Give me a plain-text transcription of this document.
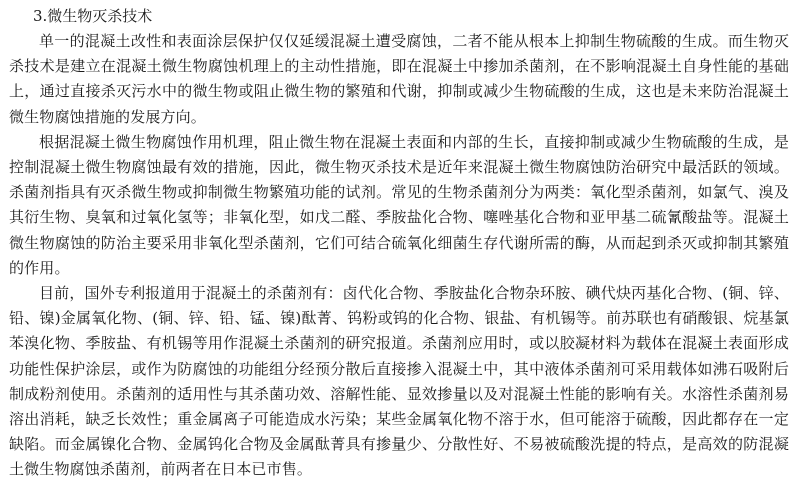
3.微生物灭杀技术

单一的混凝土改性和表面涂层保护仅仅延缓混凝土遭受腐蚀，二者不能从根本上抑制生物硫酸的生成。而生物灭杀技术是建立在混凝土微生物腐蚀机理上的主动性措施，即在混凝土中掺加杀菌剂，在不影响混凝土自身性能的基础上，通过直接杀灭污水中的微生物或阻止微生物的繁殖和代谢，抑制或减少生物硫酸的生成，这也是未来防治混凝土微生物腐蚀措施的发展方向。

根据混凝土微生物腐蚀作用机理，阻止微生物在混凝土表面和内部的生长，直接抑制或减少生物硫酸的生成，是控制混凝土微生物腐蚀最有效的措施，因此，微生物灭杀技术是近年来混凝土微生物腐蚀防治研究中最活跃的领域。杀菌剂指具有灭杀微生物或抑制微生物繁殖功能的试剂。常见的生物杀菌剂分为两类：氧化型杀菌剂，如氯气、溴及其衍生物、臭氧和过氧化氢等；非氧化型，如戊二醛、季胺盐化合物、噻唑基化合物和亚甲基二硫氰酸盐等。混凝土微生物腐蚀的防治主要采用非氧化型杀菌剂，它们可结合硫氧化细菌生存代谢所需的酶，从而起到杀灭或抑制其繁殖的作用。

目前，国外专利报道用于混凝土的杀菌剂有：卤代化合物、季胺盐化合物杂环胺、碘代炔丙基化合物、(铜、锌、铅、镍)金属氧化物、(铜、锌、铅、锰、镍)酞菁、钨粉或钨的化合物、银盐、有机锡等。前苏联也有硝酸银、烷基氯苯溴化物、季胺盐、有机锡等用作混凝土杀菌剂的研究报道。杀菌剂应用时，或以胶凝材料为载体在混凝土表面形成功能性保护涂层，或作为防腐蚀的功能组分经预分散后直接掺入混凝土中，其中液体杀菌剂可采用载体如沸石吸附后制成粉剂使用。杀菌剂的适用性与其杀菌功效、溶解性能、显效掺量以及对混凝土性能的影响有关。水溶性杀菌剂易溶出消耗，缺乏长效性；重金属离子可能造成水污染；某些金属氧化物不溶于水，但可能溶于硫酸，因此都存在一定缺陷。而金属镍化合物、金属钨化合物及金属酞菁具有掺量少、分散性好、不易被硫酸洗提的特点，是高效的防混凝土微生物腐蚀杀菌剂，前两者在日本已市售。
